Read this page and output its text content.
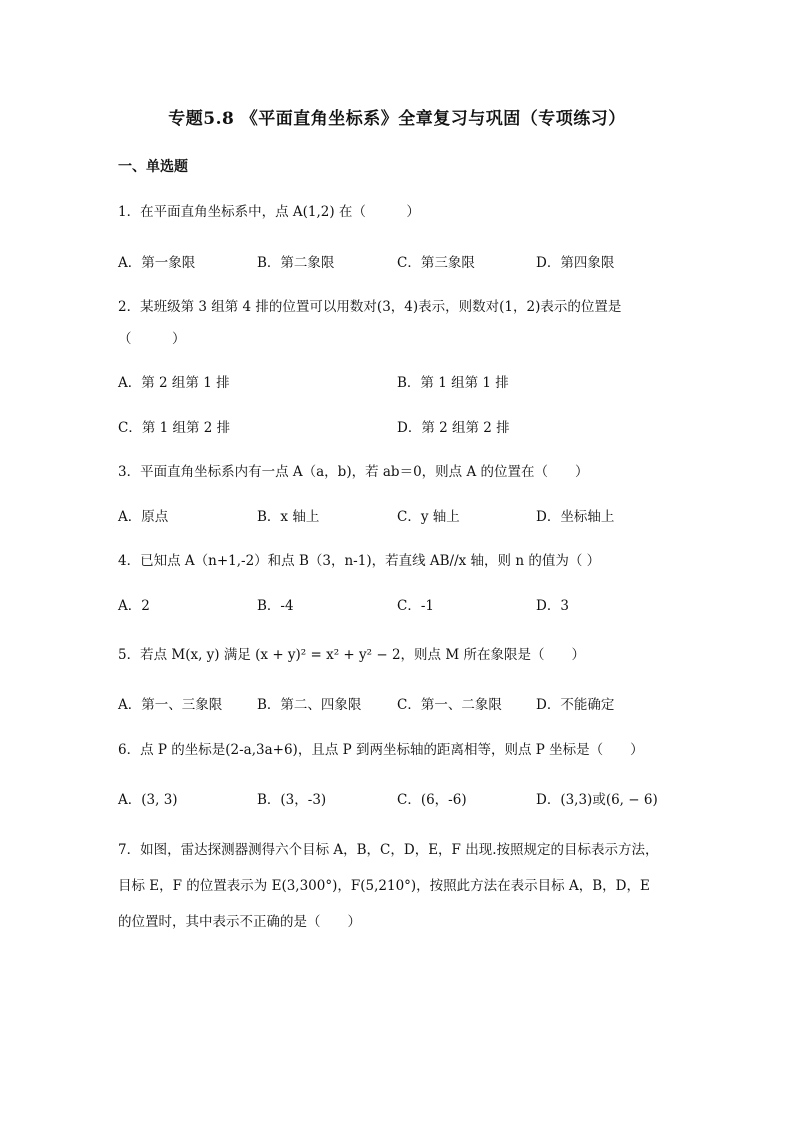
专题5.8 《平面直角坐标系》全章复习与巩固（专项练习）
一、单选题
1．在平面直角坐标系中，点 A(1,2) 在（　　　）
A．第一象限	B．第二象限	C．第三象限	D．第四象限
2．某班级第 3 组第 4 排的位置可以用数对(3，4)表示，则数对(1，2)表示的位置是
（　　　）
A．第 2 组第 1 排	B．第 1 组第 1 排
C．第 1 组第 2 排	D．第 2 组第 2 排
3．平面直角坐标系内有一点 A（a，b)，若 ab＝0，则点 A 的位置在（　　）
A．原点	B．x 轴上	C．y 轴上	D．坐标轴上
4．已知点 A（n+1,-2）和点 B（3，n-1)，若直线 AB//x 轴，则 n 的值为（ ）
A．2	B．-4	C．-1	D．3
5．若点 M(x, y) 满足 (x + y)² = x² + y² − 2，则点 M 所在象限是（　　）
A．第一、三象限	B．第二、四象限	C．第一、二象限	D．不能确定
6．点 P 的坐标是(2-a,3a+6)，且点 P 到两坐标轴的距离相等，则点 P 坐标是（　　）
A．(3, 3)	B．(3，-3)	C．(6，-6)	D．(3,3)或(6, − 6)
7．如图，雷达探测器测得六个目标 A，B，C，D，E，F 出现.按照规定的目标表示方法，
目标 E，F 的位置表示为 E(3,300°)，F(5,210°)，按照此方法在表示目标 A，B，D，E
的位置时，其中表示不正确的是（　　）
